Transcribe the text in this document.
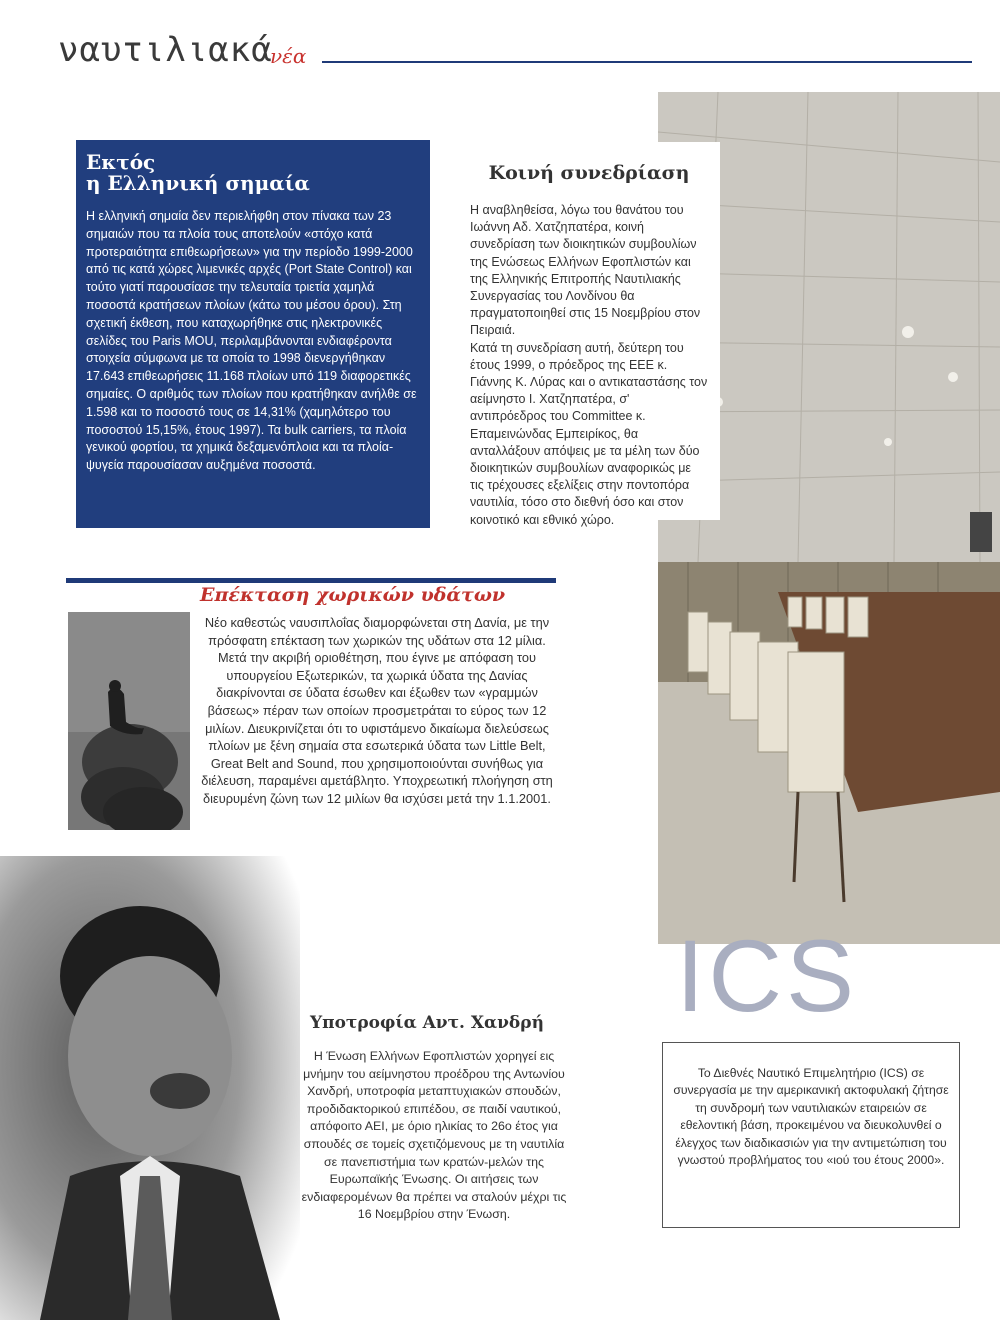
ναυτιλιακά
νέα
Εκτός
η Ελληνική σημαία

Η ελληνική σημαία δεν περιελήφθη στον πίνακα των 23 σημαιών που τα πλοία τους αποτελούν «στόχο κατά προτεραιότητα επιθεωρήσεων» για την περίοδο 1999-2000 από τις κατά χώρες λιμενικές αρχές (Port State Control) και τούτο γιατί παρουσίασε την τελευταία τριετία χαμηλά ποσοστά κρατήσεων πλοίων (κάτω του μέσου όρου). Στη σχετική έκθεση, που καταχωρήθηκε στις ηλεκτρονικές σελίδες του Paris MOU, περιλαμβάνονται ενδιαφέροντα στοιχεία σύμφωνα με τα οποία το 1998 διενεργήθηκαν 17.643 επιθεωρήσεις 11.168 πλοίων υπό 119 διαφορετικές σημαίες. Ο αριθμός των πλοίων που κρατήθηκαν ανήλθε σε 1.598 και το ποσοστό τους σε 14,31% (χαμηλότερο του ποσοστού 15,15%, έτους 1997). Τα bulk carriers, τα πλοία γενικού φορτίου, τα χημικά δεξαμενόπλοια και τα πλοία-ψυγεία παρουσίασαν αυξημένα ποσοστά.

Κοινή συνεδρίαση

Η αναβληθείσα, λόγω του θανάτου του Ιωάννη Αδ. Χατζηπατέρα, κοινή συνεδρίαση των διοικητικών συμβουλίων της Ενώσεως Ελλήνων Εφοπλιστών και της Ελληνικής Επιτροπής Ναυτιλιακής Συνεργασίας του Λονδίνου θα πραγματοποιηθεί στις 15 Νοεμβρίου στον Πειραιά.

Κατά τη συνεδρίαση αυτή, δεύτερη του έτους 1999, ο πρόεδρος της ΕΕΕ κ. Γιάννης Κ. Λύρας και ο αντικαταστάσης τον αείμνηστο Ι. Χατζηπατέρα, σ' αντιπρόεδρος του Committee κ. Επαμεινώνδας Εμπειρίκος, θα ανταλλάξουν απόψεις με τα μέλη των δύο διοικητικών συμβουλίων αναφορικώς με τις τρέχουσες εξελίξεις στην ποντοπόρα ναυτιλία, τόσο στο διεθνή όσο και στον κοινοτικό και εθνικό χώρο.

Επέκταση χωρικών υδάτων

Νέο καθεστώς ναυσιπλοΐας διαμορφώνεται στη Δανία, με την πρόσφατη επέκταση των χωρικών της υδάτων στα 12 μίλια. Μετά την ακριβή οριοθέτηση, που έγινε με απόφαση του υπουργείου Εξωτερικών, τα χωρικά ύδατα της Δανίας διακρίνονται σε ύδατα έσωθεν και έξωθεν των «γραμμών βάσεως» πέραν των οποίων προσμετράται το εύρος των 12 μιλίων. Διευκρινίζεται ότι το υφιστάμενο δικαίωμα διελεύσεως πλοίων με ξένη σημαία στα εσωτερικά ύδατα των Little Belt, Great Belt and Sound, που χρησιμοποιούνται συνήθως για διέλευση, παραμένει αμετάβλητο. Υποχρεωτική πλοήγηση στη διευρυμένη ζώνη των 12 μιλίων θα ισχύσει μετά την 1.1.2001.

Υποτροφία Αντ. Χανδρή

Η Ένωση Ελλήνων Εφοπλιστών χορηγεί εις μνήμην του αείμνηστου προέδρου της Αντωνίου Χανδρή, υποτροφία μεταπτυχιακών σπουδών, προδιδακτορικού επιπέδου, σε παιδί ναυτικού, απόφοιτο ΑΕΙ, με όριο ηλικίας το 26ο έτος για σπουδές σε τομείς σχετιζόμενους με τη ναυτιλία σε πανεπιστήμια των κρατών-μελών της Ευρωπαϊκής Ένωσης. Οι αιτήσεις των ενδιαφερομένων θα πρέπει να σταλούν μέχρι τις 16 Νοεμβρίου στην Ένωση.

ICS

Το Διεθνές Ναυτικό Επιμελητήριο (ICS) σε συνεργασία με την αμερικανική ακτοφυλακή ζήτησε τη συνδρομή των ναυτιλιακών εταιρειών σε εθελοντική βάση, προκειμένου να διευκολυνθεί ο έλεγχος των διαδικασιών για την αντιμετώπιση του γνωστού προβλήματος του «ιού του έτους 2000».
